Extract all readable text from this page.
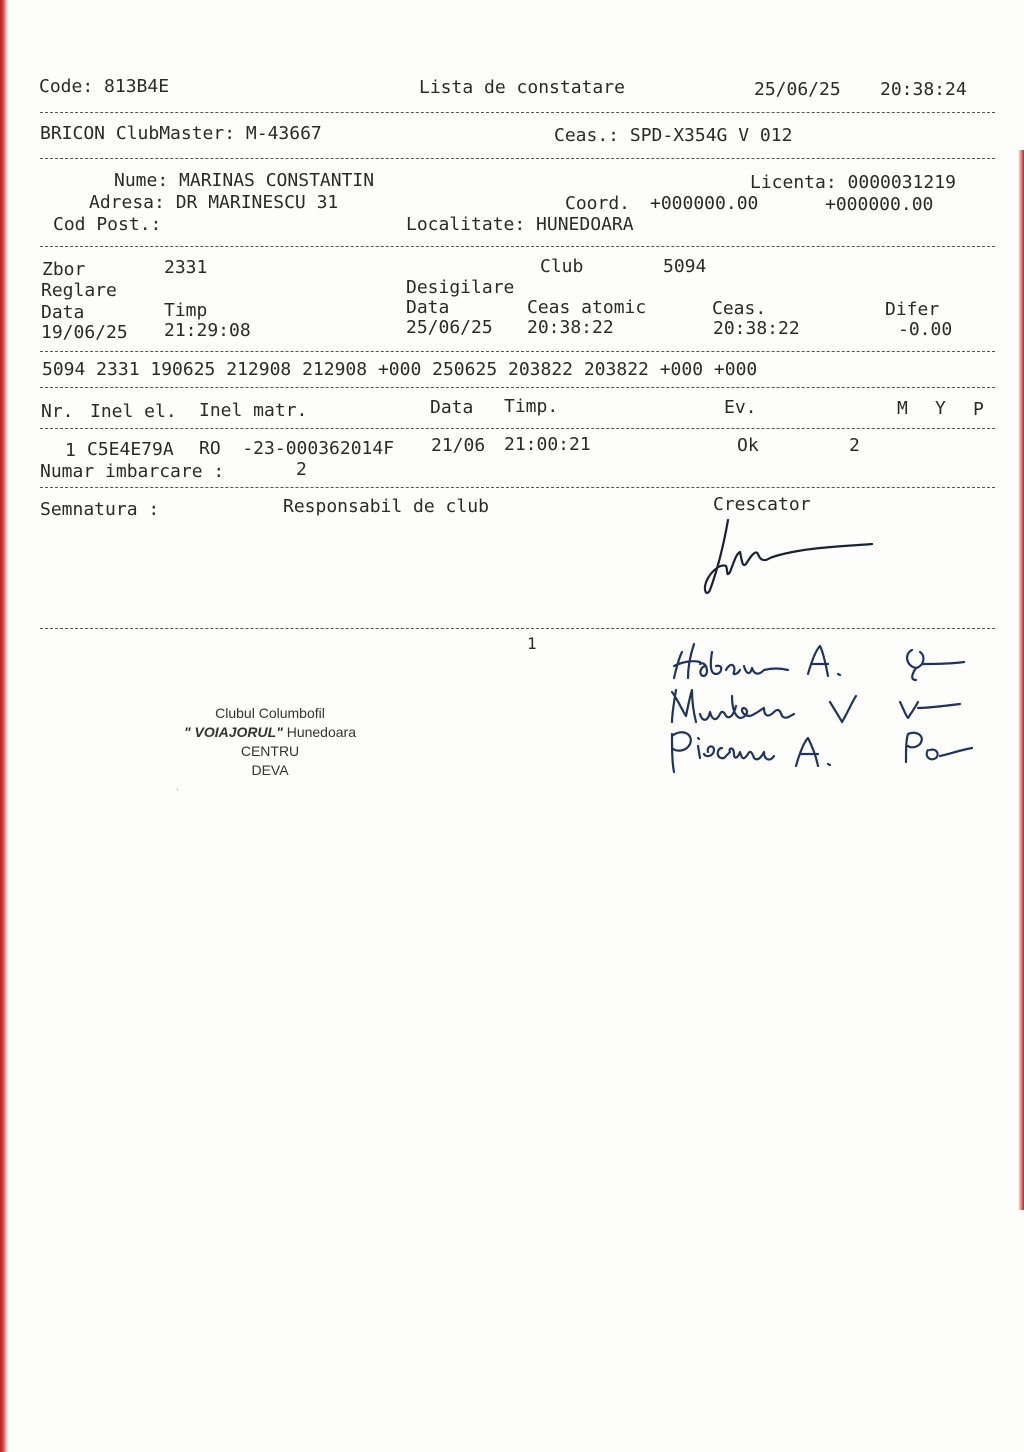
Code: 813B4E	Lista de constatare	25/06/25 20:38:24
BRICON ClubMaster: M-43667	Ceas.: SPD-X354G V 012
Nume: MARINAS CONSTANTIN	Licenta: 0000031219
Adresa: DR MARINESCU 31	Coord. +000000.00	+000000.00
Cod Post.:	Localitate: HUNEDOARA
Zbor	2331	Club	5094
Reglare	Desigilare
Data	Timp	Data	Ceas atomic	Ceas.	Difer
19/06/25 21:29:08	25/06/25 20:38:22	20:38:22	-0.00
5094 2331 190625 212908 212908 +000 250625 203822 203822 +000 +000
Nr. Inel el. Inel matr.	Data Timp.	Ev.	M Y P
1 C5E4E79A RO  -23-000362014F 21/06 21:00:21	Ok	2
Numar imbarcare :	2
Semnatura :	Responsabil de club	Crescator
1
Clubul Columbofil
" VOIAJORUL" Hunedoara
CENTRU
DEVA
.
